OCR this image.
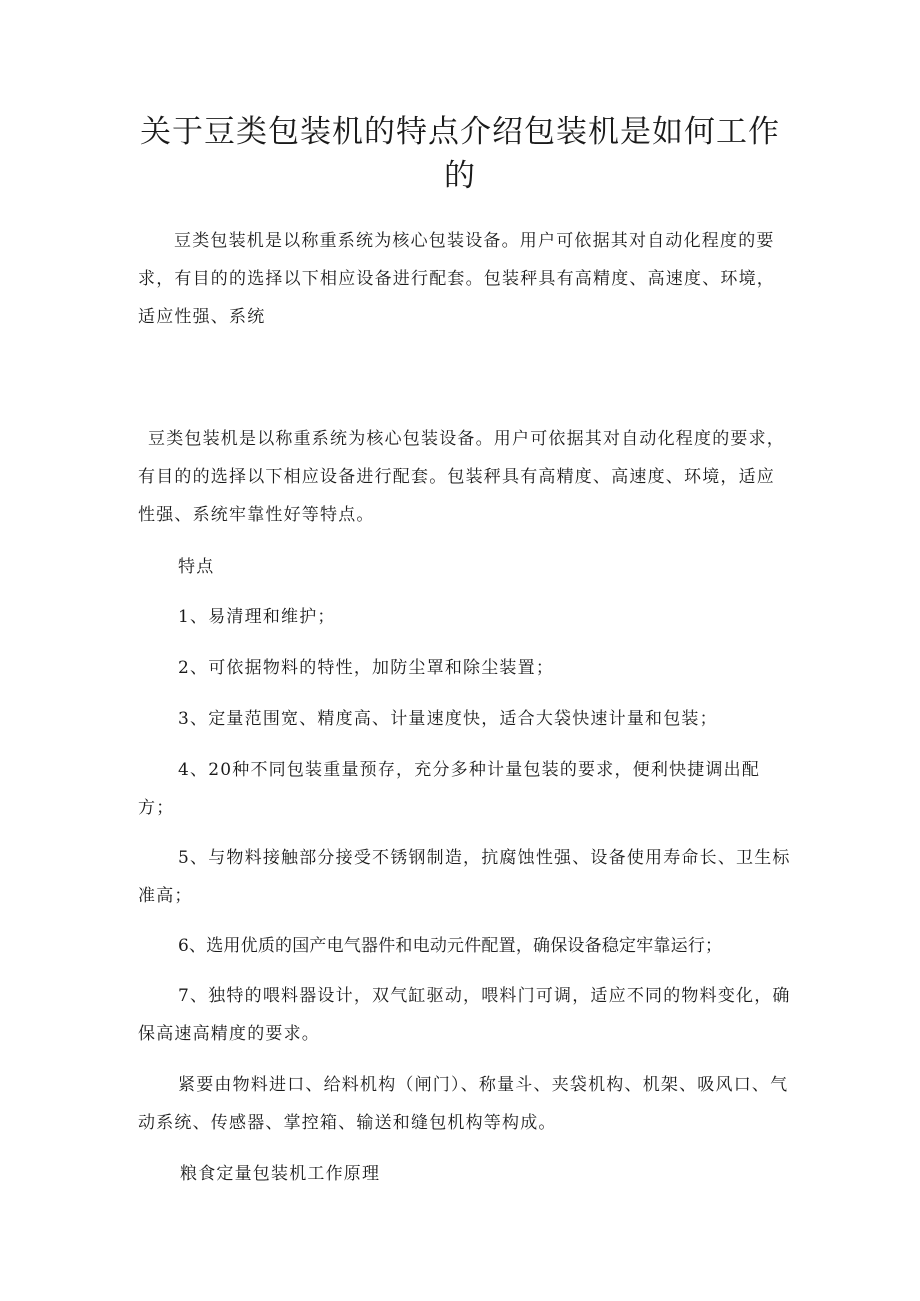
关于豆类包装机的特点介绍包装机是如何工作的

豆类包装机是以称重系统为核心包装设备。用户可依据其对自动化程度的要求，有目的的选择以下相应设备进行配套。包装秤具有高精度、高速度、环境，适应性强、系统

豆类包装机是以称重系统为核心包装设备。用户可依据其对自动化程度的要求，有目的的选择以下相应设备进行配套。包装秤具有高精度、高速度、环境，适应性强、系统牢靠性好等特点。

特点

1、易清理和维护；

2、可依据物料的特性，加防尘罩和除尘装置；

3、定量范围宽、精度高、计量速度快，适合大袋快速计量和包装；

4、20种不同包装重量预存，充分多种计量包装的要求，便利快捷调出配方；

5、与物料接触部分接受不锈钢制造，抗腐蚀性强、设备使用寿命长、卫生标准高；

6、选用优质的国产电气器件和电动元件配置，确保设备稳定牢靠运行；

7、独特的喂料器设计，双气缸驱动，喂料门可调，适应不同的物料变化，确保高速高精度的要求。

紧要由物料进口、给料机构（闸门）、称量斗、夹袋机构、机架、吸风口、气动系统、传感器、掌控箱、输送和缝包机构等构成。

粮食定量包装机工作原理
